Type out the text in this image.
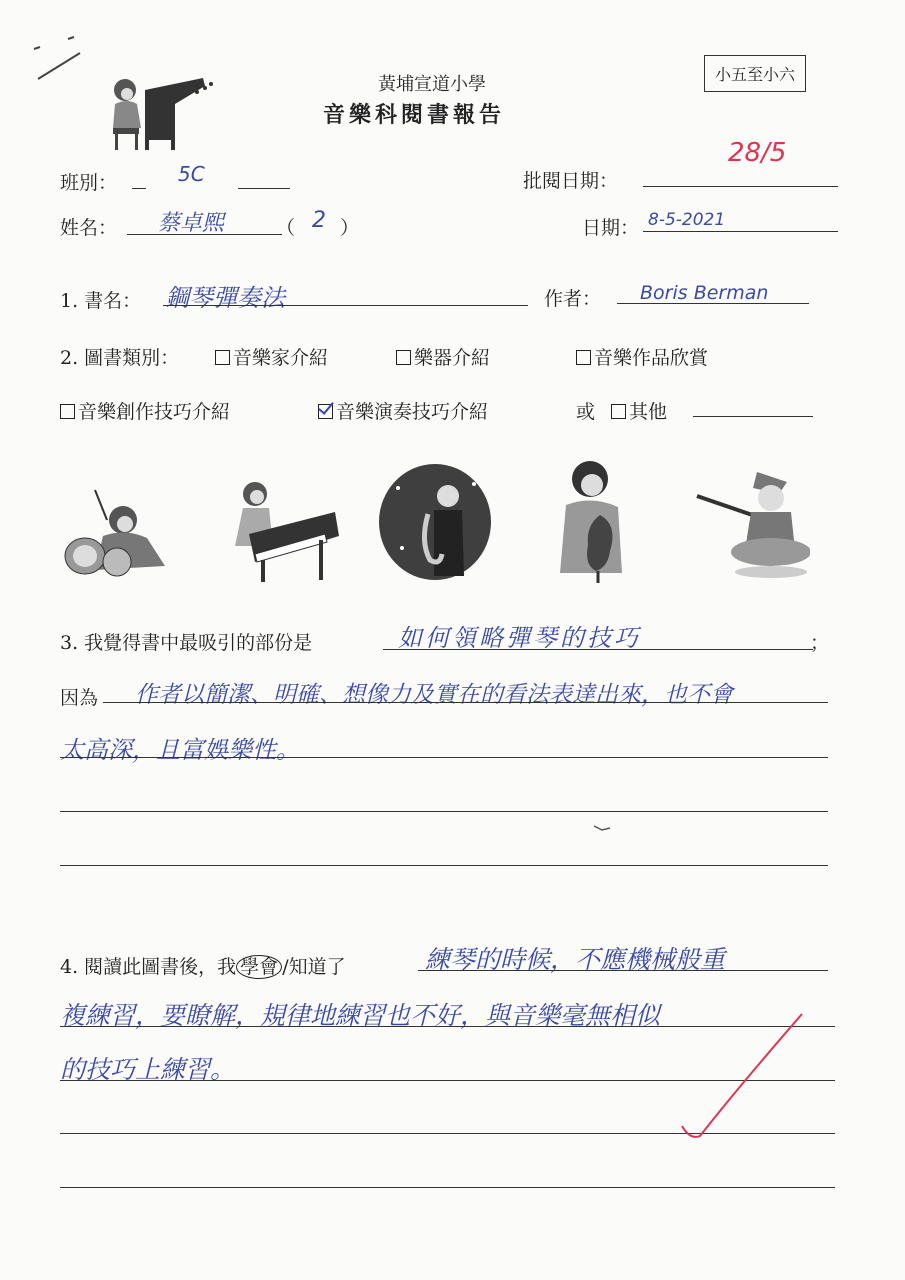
黃埔宣道小學
音樂科閱書報告
小五至小六
班別：	5C	批閱日期：
28/5
姓名： 蔡卓熙	（ 2 ）	日期： 8-5-2021
1. 書名： 鋼琴彈奏法	作者： Boris Berman
2. 圖書類別：	音樂家介紹	樂器介紹	音樂作品欣賞
音樂創作技巧介紹	音樂演奏技巧介紹	或	其他
3. 我覺得書中最吸引的部份是	如何領略彈琴的技巧	；
因為 作者以簡潔、明確、想像力及實在的看法表達出來，也不會
太高深，且富娛樂性。
4. 閱讀此圖書後，我 學會 /知道了	練琴的時候，不應機械般重
複練習，要瞭解，規律地練習也不好，與音樂毫無相似
的技巧上練習。
